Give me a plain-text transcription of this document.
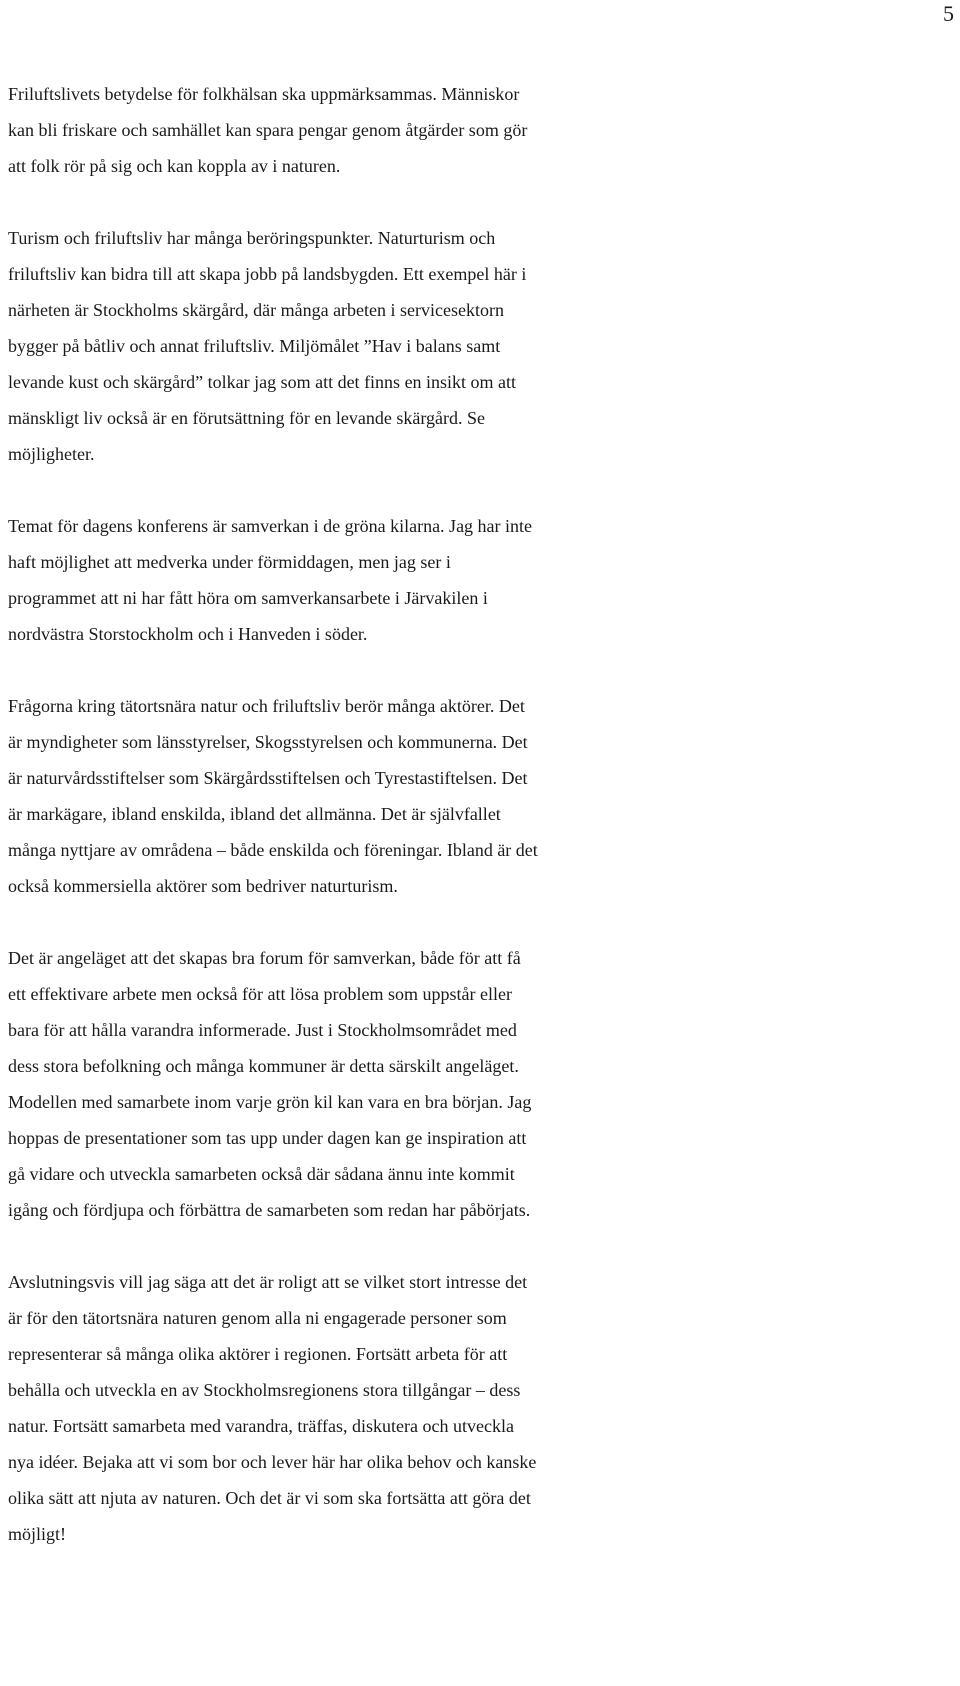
5

Friluftslivets betydelse för folkhälsan ska uppmärksammas. Människor
kan bli friskare och samhället kan spara pengar genom åtgärder som gör
att folk rör på sig och kan koppla av i naturen.

Turism och friluftsliv har många beröringspunkter. Naturturism och
friluftsliv kan bidra till att skapa jobb på landsbygden. Ett exempel här i
närheten är Stockholms skärgård, där många arbeten i servicesektorn
bygger på båtliv och annat friluftsliv. Miljömålet ”Hav i balans samt
levande kust och skärgård” tolkar jag som att det finns en insikt om att
mänskligt liv också är en förutsättning för en levande skärgård. Se
möjligheter.

Temat för dagens konferens är samverkan i de gröna kilarna. Jag har inte
haft möjlighet att medverka under förmiddagen, men jag ser i
programmet att ni har fått höra om samverkansarbete i Järvakilen i
nordvästra Storstockholm och i Hanveden i söder.

Frågorna kring tätortsnära natur och friluftsliv berör många aktörer. Det
är myndigheter som länsstyrelser, Skogsstyrelsen och kommunerna. Det
är naturvårdsstiftelser som Skärgårdsstiftelsen och Tyrestastiftelsen. Det
är markägare, ibland enskilda, ibland det allmänna. Det är självfallet
många nyttjare av områdena – både enskilda och föreningar. Ibland är det
också kommersiella aktörer som bedriver naturturism.

Det är angeläget att det skapas bra forum för samverkan, både för att få
ett effektivare arbete men också för att lösa problem som uppstår eller
bara för att hålla varandra informerade. Just i Stockholmsområdet med
dess stora befolkning och många kommuner är detta särskilt angeläget.
Modellen med samarbete inom varje grön kil kan vara en bra början. Jag
hoppas de presentationer som tas upp under dagen kan ge inspiration att
gå vidare och utveckla samarbeten också där sådana ännu inte kommit
igång och fördjupa och förbättra de samarbeten som redan har påbörjats.

Avslutningsvis vill jag säga att det är roligt att se vilket stort intresse det
är för den tätortsnära naturen genom alla ni engagerade personer som
representerar så många olika aktörer i regionen. Fortsätt arbeta för att
behålla och utveckla en av Stockholmsregionens stora tillgångar – dess
natur. Fortsätt samarbeta med varandra, träffas, diskutera och utveckla
nya idéer. Bejaka att vi som bor och lever här har olika behov och kanske
olika sätt att njuta av naturen. Och det är vi som ska fortsätta att göra det
möjligt!
